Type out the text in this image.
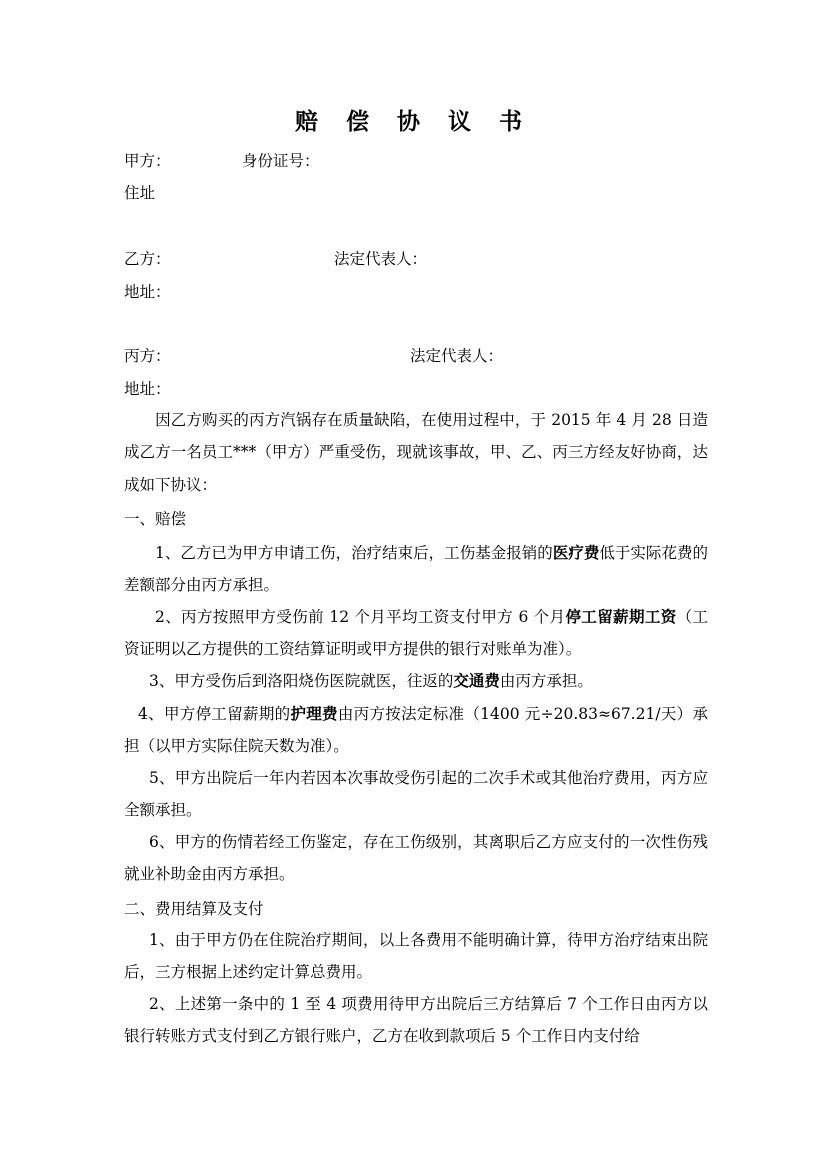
赔 偿 协 议 书
甲方：	身份证号：
住址
乙方：	法定代表人：
地址：
丙方：	法定代表人：
地址：
因乙方购买的丙方汽锅存在质量缺陷，在使用过程中，于 2015 年 4 月 28 日造成乙方一名员工***（甲方）严重受伤，现就该事故，甲、乙、丙三方经友好协商，达成如下协议：
一、赔偿
1、乙方已为甲方申请工伤，治疗结束后，工伤基金报销的医疗费低于实际花费的差额部分由丙方承担。
2、丙方按照甲方受伤前 12 个月平均工资支付甲方 6 个月停工留薪期工资（工资证明以乙方提供的工资结算证明或甲方提供的银行对账单为准）。
3、甲方受伤后到洛阳烧伤医院就医，往返的交通费由丙方承担。
4、甲方停工留薪期的护理费由丙方按法定标准（1400 元÷20.83≈67.21/天）承担（以甲方实际住院天数为准）。
5、甲方出院后一年内若因本次事故受伤引起的二次手术或其他治疗费用，丙方应全额承担。
6、甲方的伤情若经工伤鉴定，存在工伤级别，其离职后乙方应支付的一次性伤残就业补助金由丙方承担。
二、费用结算及支付
1、由于甲方仍在住院治疗期间，以上各费用不能明确计算，待甲方治疗结束出院后，三方根据上述约定计算总费用。
2、上述第一条中的 1 至 4 项费用待甲方出院后三方结算后 7 个工作日由丙方以银行转账方式支付到乙方银行账户，乙方在收到款项后 5 个工作日内支付给
